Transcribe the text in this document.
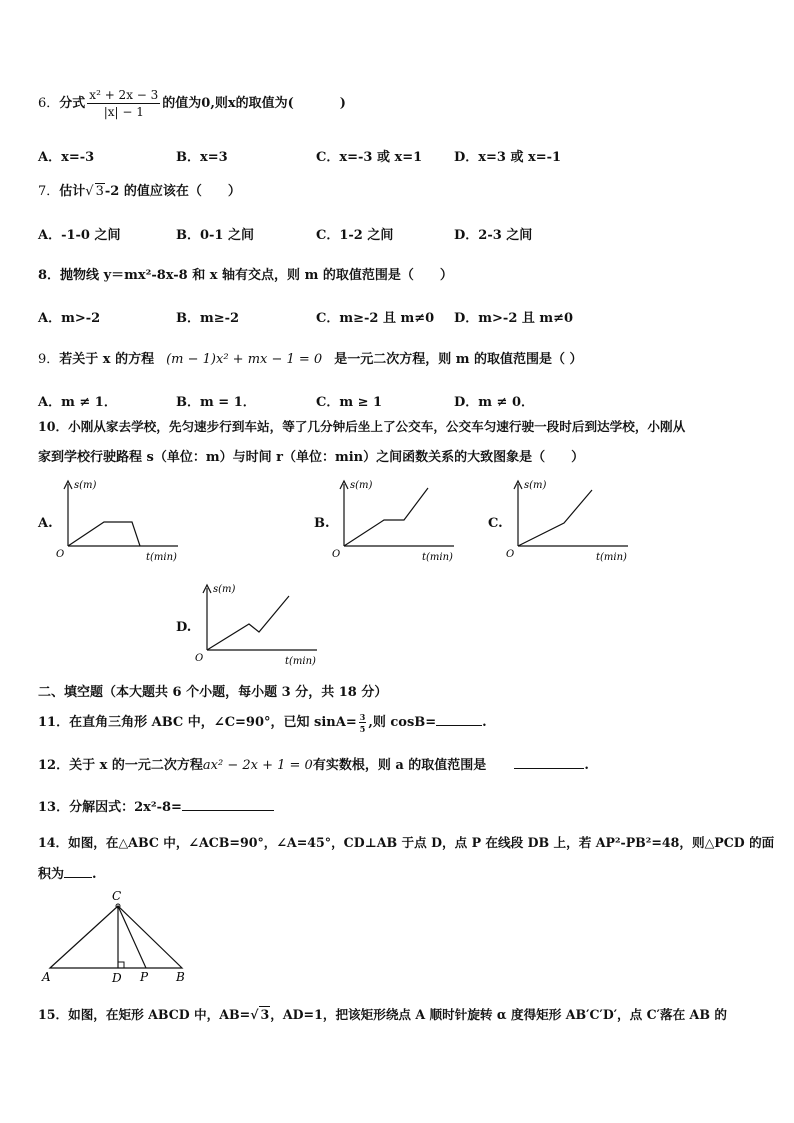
6．分式 $\frac{\text{x² + 2x − 3}}{|x| - 1}$ 的值为0,则x的取值为(	)
A．x=-3	B．x=3	C．x=-3 或 x=1 D．x=3 或 x=-1
7．估计√ 3-2 的值应该在（　　）
A．-1-0 之间	B．0-1 之间	C．1-2 之间	D．2-3 之间
8．抛物线 y＝mx²-8x-8 和 x 轴有交点，则 m 的取值范围是（　　）
A．m>-2	B．m≥-2	C．m≥-2 且 m≠0 D．m>-2 且 m≠0
9．若关于 x 的方程 (m − 1)x² + mx − 1 = 0 是一元二次方程，则 m 的取值范围是（ ）
A．m ≠ 1．	B．m = 1．	C．m ≥ 1	D．m ≠ 0．
10．小刚从家去学校，先匀速步行到车站，等了几分钟后坐上了公交车，公交车匀速行驶一段时后到达学校，小刚从
家到学校行驶路程 s（单位：m）与时间 r（单位：min）之间函数关系的大致图象是（　　）
A.
s(m)
O	t(min)
B.
s(m)
O	t(min)
C.
s(m)
O	t(min)
D.
s(m)
O	t(min)
二、填空题（本大题共 6 个小题，每小题 3 分，共 18 分）
11．在直角三角形 ABC 中，∠C=90°，已知 $\sin A= \frac{3}{5}$ ,则 cosB=	.
12．关于 x 的一元二次方程ax² − 2x + 1 = 0有实数根，则 a 的取值范围是	.
13．分解因式：2x²-8=
14．如图，在△ABC 中，∠ACB=90°，∠A=45°，CD⊥AB 于点 D，点 P 在线段 DB 上，若 AP²-PB²=48，则△PCD 的面
积为 .
C
A	D P B
15．如图，在矩形 ABCD 中，AB=√ 3，AD=1，把该矩形绕点 A 顺时针旋转 α 度得矩形 AB′C′D′，点 C′落在 AB 的
